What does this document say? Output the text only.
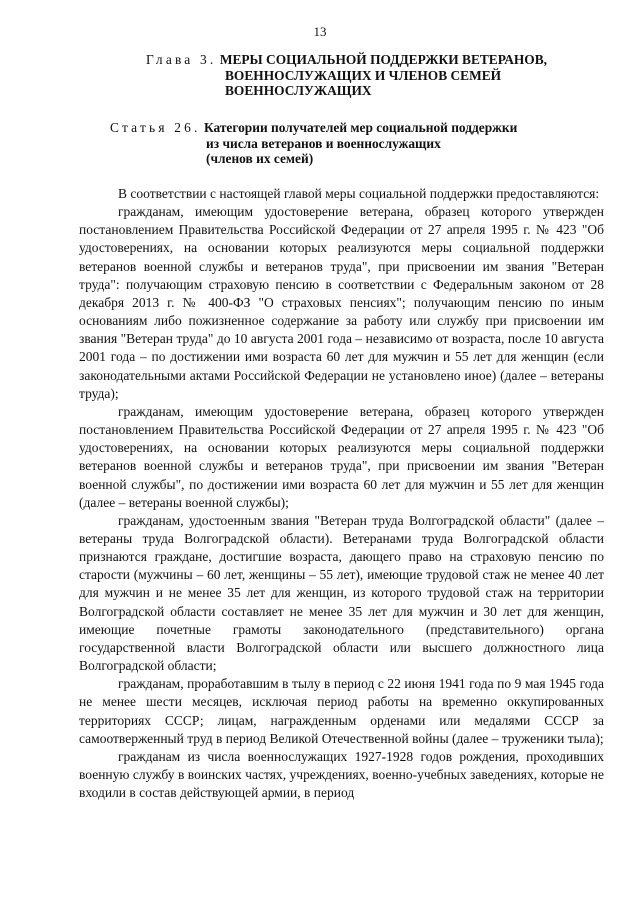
13
Глава 3. МЕРЫ СОЦИАЛЬНОЙ ПОДДЕРЖКИ ВЕТЕРАНОВ,
ВОЕННОСЛУЖАЩИХ И ЧЛЕНОВ СЕМЕЙ
ВОЕННОСЛУЖАЩИХ
Статья 26. Категории получателей мер социальной поддержки
из числа ветеранов и военнослужащих
(членов их семей)

В соответствии с настоящей главой меры социальной поддержки предоставляются:

гражданам, имеющим удостоверение ветерана, образец которого утвержден постановлением Правительства Российской Федерации от 27 апреля 1995 г. № 423 "Об удостоверениях, на основании которых реализуются меры социальной поддержки ветеранов военной службы и ветеранов труда", при присвоении им звания "Ветеран труда": получающим страховую пенсию в соответствии с Федеральным законом от 28 декабря 2013 г. № 400-ФЗ "О страховых пенсиях"; получающим пенсию по иным основаниям либо пожизненное содержание за работу или службу при присвоении им звания "Ветеран труда" до 10 августа 2001 года – независимо от возраста, после 10 августа 2001 года – по достижении ими возраста 60 лет для мужчин и 55 лет для женщин (если законодательными актами Российской Федерации не установлено иное) (далее – ветераны труда);

гражданам, имеющим удостоверение ветерана, образец которого утвержден постановлением Правительства Российской Федерации от 27 апреля 1995 г. № 423 "Об удостоверениях, на основании которых реализуются меры социальной поддержки ветеранов военной службы и ветеранов труда", при присвоении им звания "Ветеран военной службы", по достижении ими возраста 60 лет для мужчин и 55 лет для женщин (далее – ветераны военной службы);

гражданам, удостоенным звания "Ветеран труда Волгоградской области" (далее – ветераны труда Волгоградской области). Ветеранами труда Волгоградской области признаются граждане, достигшие возраста, дающего право на страховую пенсию по старости (мужчины – 60 лет, женщины – 55 лет), имеющие трудовой стаж не менее 40 лет для мужчин и не менее 35 лет для женщин, из которого трудовой стаж на территории Волгоградской области составляет не менее 35 лет для мужчин и 30 лет для женщин, имеющие почетные грамоты законодательного (представительного) органа государственной власти Волгоградской области или высшего должностного лица Волгоградской области;

гражданам, проработавшим в тылу в период с 22 июня 1941 года по 9 мая 1945 года не менее шести месяцев, исключая период работы на временно оккупированных территориях СССР; лицам, награжденным орденами или медалями СССР за самоотверженный труд в период Великой Отечественной войны (далее – труженики тыла);

гражданам из числа военнослужащих 1927-1928 годов рождения, проходивших военную службу в воинских частях, учреждениях, военно-учебных заведениях, которые не входили в состав действующей армии, в период
